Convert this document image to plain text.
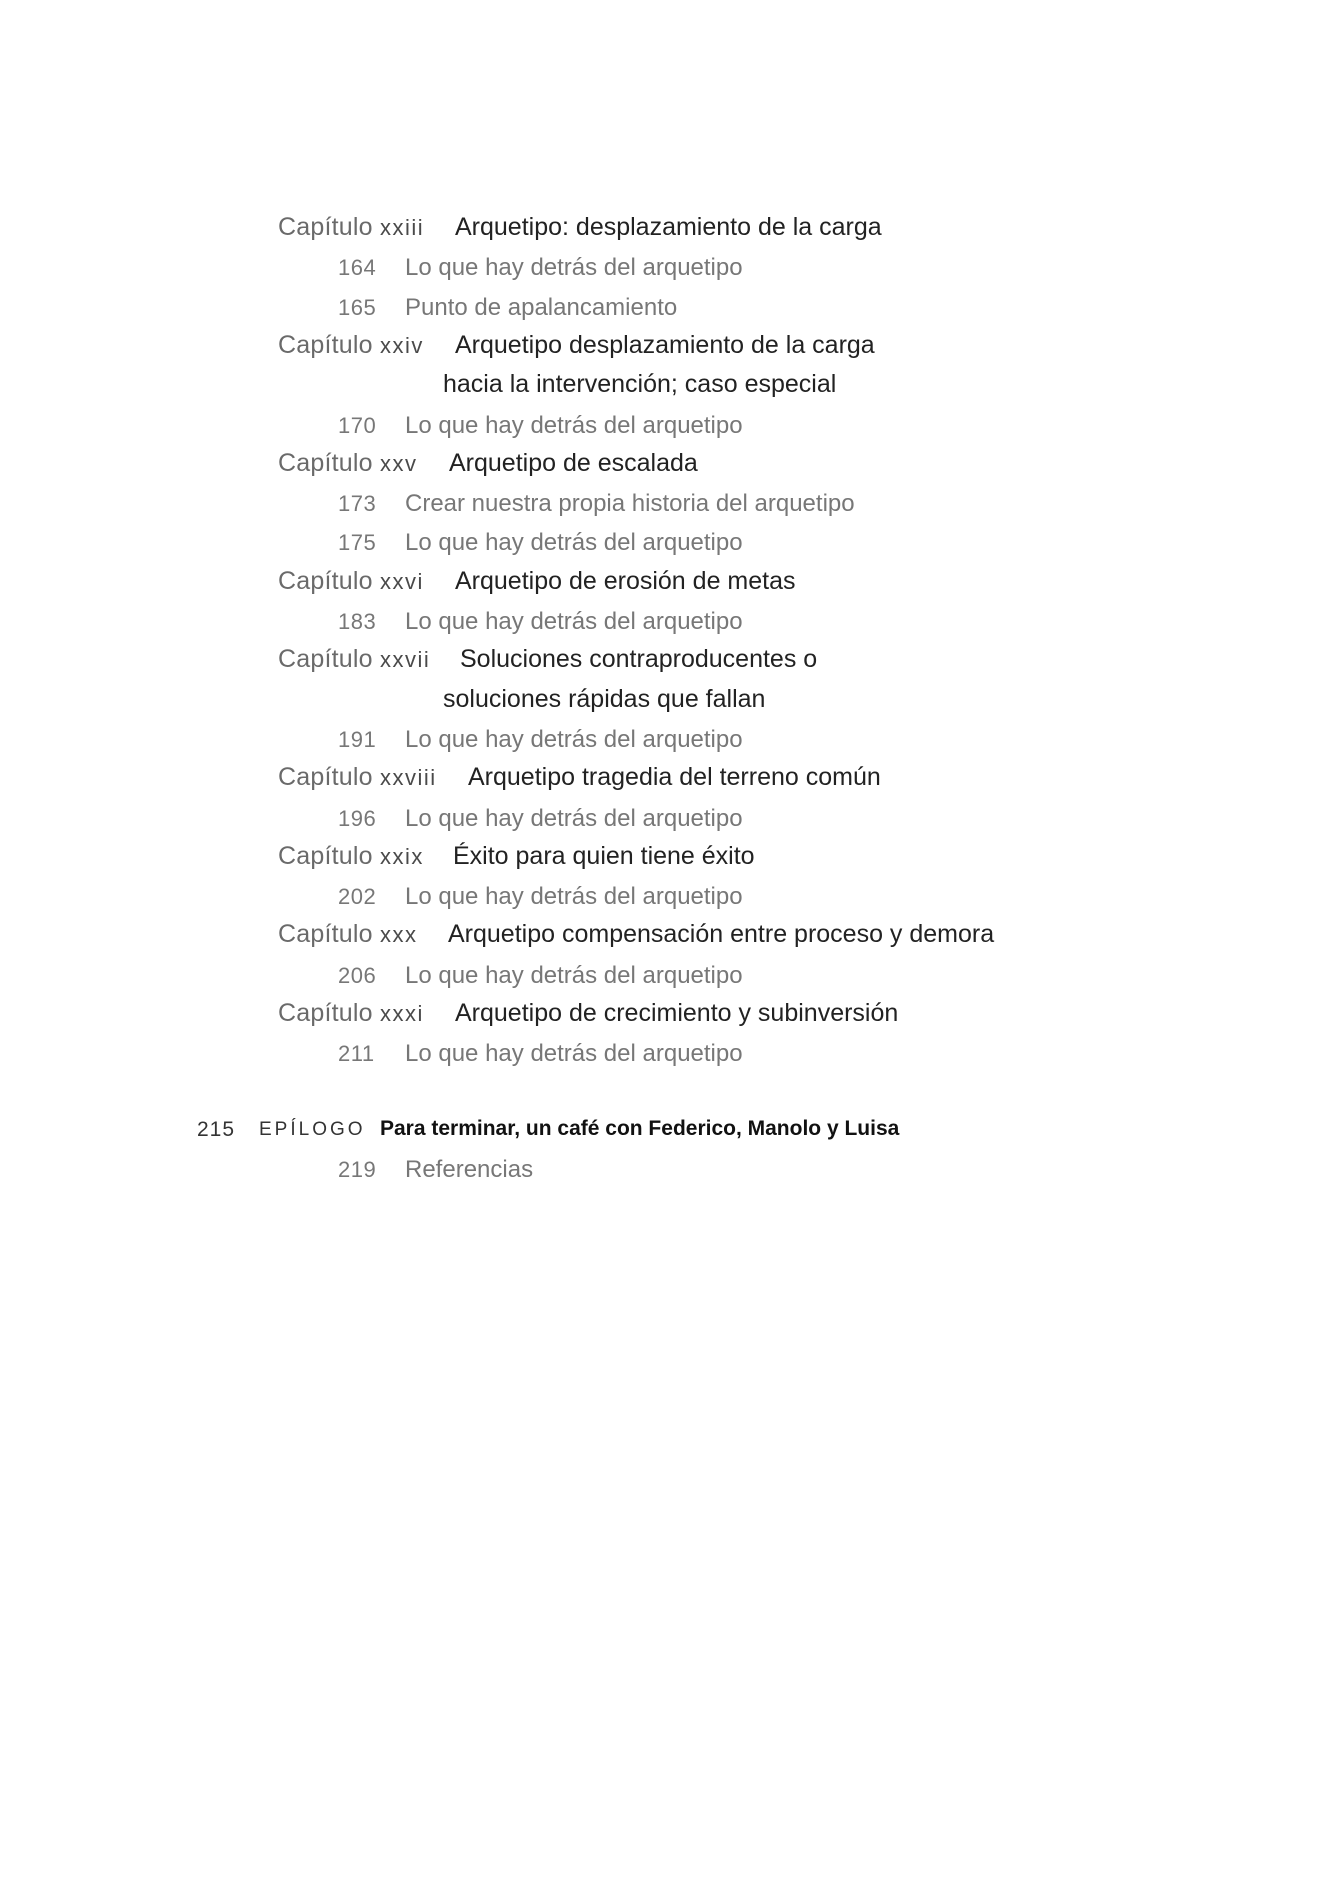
Capítulo xxiii Arquetipo: desplazamiento de la carga
164 Lo que hay detrás del arquetipo
165 Punto de apalancamiento
Capítulo xxiv Arquetipo desplazamiento de la carga
hacia la intervención; caso especial
170 Lo que hay detrás del arquetipo
Capítulo xxv Arquetipo de escalada
173 Crear nuestra propia historia del arquetipo
175 Lo que hay detrás del arquetipo
Capítulo xxvi Arquetipo de erosión de metas
183 Lo que hay detrás del arquetipo
Capítulo xxvii Soluciones contraproducentes o
soluciones rápidas que fallan
191 Lo que hay detrás del arquetipo
Capítulo xxviii Arquetipo tragedia del terreno común
196 Lo que hay detrás del arquetipo
Capítulo xxix Éxito para quien tiene éxito
202 Lo que hay detrás del arquetipo
Capítulo xxx Arquetipo compensación entre proceso y demora
206 Lo que hay detrás del arquetipo
Capítulo xxxi Arquetipo de crecimiento y subinversión
211 Lo que hay detrás del arquetipo
215 EPÍLOGO Para terminar, un café con Federico, Manolo y Luisa
219 Referencias
